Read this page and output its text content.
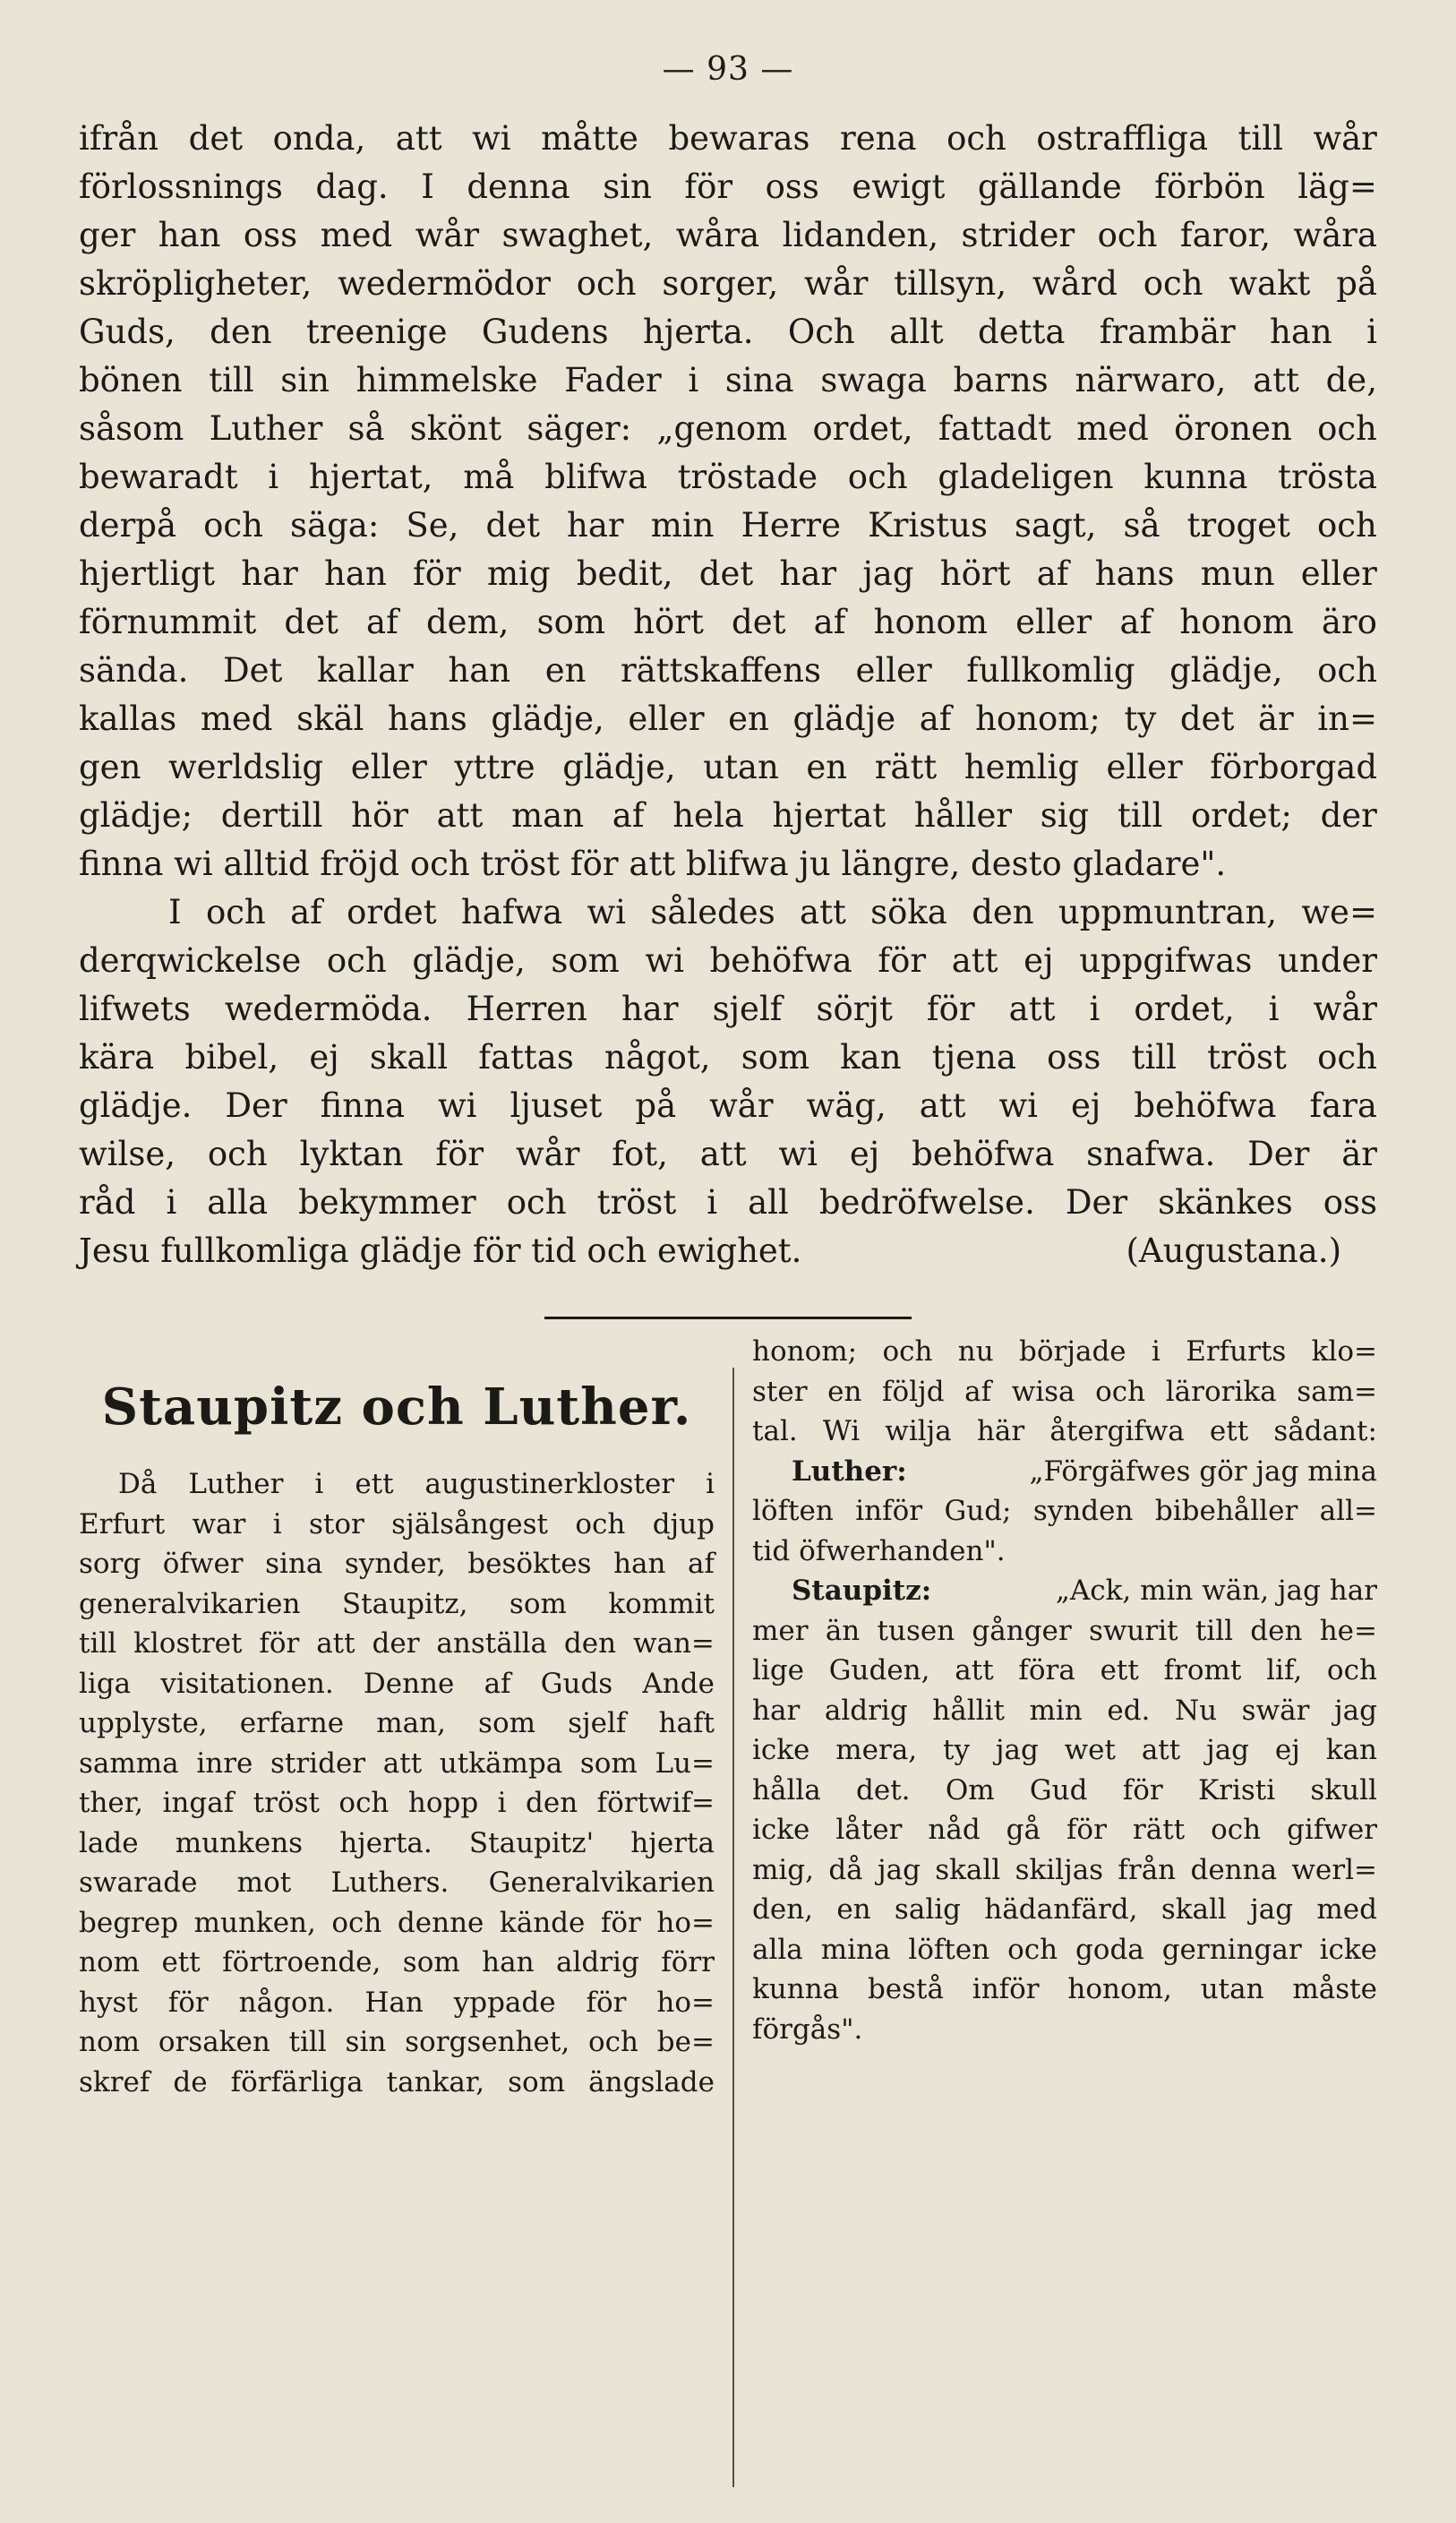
— 93 —
ifrån det onda, att wi måtte bewaras rena och ostraffliga till wår
förlossnings dag. I denna sin för oss ewigt gällande förbön läg=
ger han oss med wår swaghet, wåra lidanden, strider och faror, wåra
skröpligheter, wedermödor och sorger, wår tillsyn, wård och wakt på
Guds, den treenige Gudens hjerta. Och allt detta frambär han i
bönen till sin himmelske Fader i sina swaga barns närwaro, att de,
såsom Luther så skönt säger: „genom ordet, fattadt med öronen och
bewaradt i hjertat, må blifwa tröstade och gladeligen kunna trösta
derpå och säga: Se, det har min Herre Kristus sagt, så troget och
hjertligt har han för mig bedit, det har jag hört af hans mun eller
förnummit det af dem, som hört det af honom eller af honom äro
sända. Det kallar han en rättskaffens eller fullkomlig glädje, och
kallas med skäl hans glädje, eller en glädje af honom; ty det är in=
gen werldslig eller yttre glädje, utan en rätt hemlig eller förborgad
glädje; dertill hör att man af hela hjertat håller sig till ordet; der
finna wi alltid fröjd och tröst för att blifwa ju längre, desto gladare".
I och af ordet hafwa wi således att söka den uppmuntran, we=
derqwickelse och glädje, som wi behöfwa för att ej uppgifwas under
lifwets wedermöda. Herren har sjelf sörjt för att i ordet, i wår
kära bibel, ej skall fattas något, som kan tjena oss till tröst och
glädje. Der finna wi ljuset på wår wäg, att wi ej behöfwa fara
wilse, och lyktan för wår fot, att wi ej behöfwa snafwa. Der är
råd i alla bekymmer och tröst i all bedröfwelse. Der skänkes oss
Jesu fullkomliga glädje för tid och ewighet.	(Augustana.)
Staupitz och Luther.
Då Luther i ett augustinerkloster i
Erfurt war i stor själsångest och djup
sorg öfwer sina synder, besöktes han af
generalvikarien Staupitz, som kommit
till klostret för att der anställa den wan=
liga visitationen. Denne af Guds Ande
upplyste, erfarne man, som sjelf haft
samma inre strider att utkämpa som Lu=
ther, ingaf tröst och hopp i den förtwif=
lade munkens hjerta. Staupitz' hjerta
swarade mot Luthers. Generalvikarien
begrep munken, och denne kände för ho=
nom ett förtroende, som han aldrig förr
hyst för någon. Han yppade för ho=
nom orsaken till sin sorgsenhet, och be=
skref de förfärliga tankar, som ängslade
honom; och nu började i Erfurts klo=
ster en följd af wisa och lärorika sam=
tal. Wi wilja här återgifwa ett sådant:
Luther:	„Förgäfwes gör jag mina
löften inför Gud; synden bibehåller all=
tid öfwerhanden".
Staupitz:	„Ack, min wän, jag har
mer än tusen gånger swurit till den he=
lige Guden, att föra ett fromt lif, och
har aldrig hållit min ed. Nu swär jag
icke mera, ty jag wet att jag ej kan
hålla det. Om Gud för Kristi skull
icke låter nåd gå för rätt och gifwer
mig, då jag skall skiljas från denna werl=
den, en salig hädanfärd, skall jag med
alla mina löften och goda gerningar icke
kunna bestå inför honom, utan måste
förgås".
